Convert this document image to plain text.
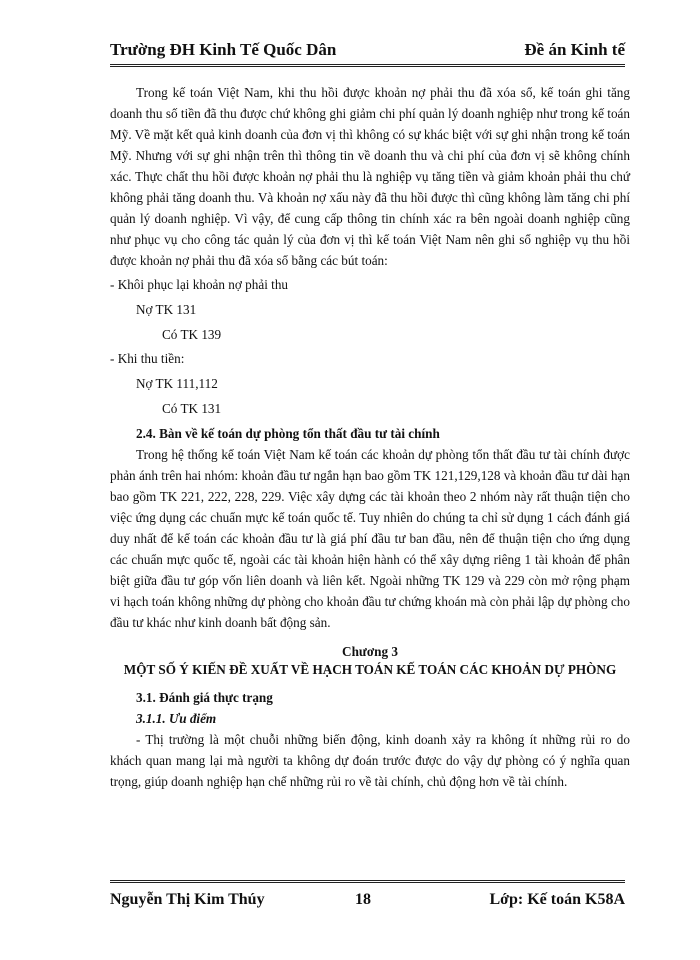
Trường ĐH Kinh Tế Quốc Dân	Đề án Kinh tế

Trong kế toán Việt Nam, khi thu hồi được khoản nợ phải thu đã xóa sổ, kế toán ghi tăng doanh thu số tiền đã thu được chứ không ghi giảm chi phí quản lý doanh nghiệp như trong kế toán Mỹ. Về mặt kết quả kinh doanh của đơn vị thì không có sự khác biệt với sự ghi nhận trong kế toán Mỹ. Nhưng với sự ghi nhận trên thì thông tin về doanh thu và chi phí của đơn vị sẽ không chính xác. Thực chất thu hồi được khoản nợ phải thu là nghiệp vụ tăng tiền và giảm khoản phải thu chứ không phải tăng doanh thu. Và khoản nợ xấu này đã thu hồi được thì cũng không làm tăng chi phí quản lý doanh nghiệp. Vì vậy, để cung cấp thông tin chính xác ra bên ngoài doanh nghiệp cũng như phục vụ cho công tác quản lý của đơn vị thì kế toán Việt Nam nên ghi sổ nghiệp vụ thu hồi được khoản nợ phải thu đã xóa sổ bằng các bút toán:

- Khôi phục lại khoản nợ phải thu

Nợ TK 131

Có TK 139

- Khi thu tiền:

Nợ TK 111,112

Có TK 131

2.4. Bàn về kế toán dự phòng tổn thất đầu tư tài chính

Trong hệ thống kế toán Việt Nam kế toán các khoản dự phòng tổn thất đầu tư tài chính được phản ánh trên hai nhóm: khoản đầu tư ngắn hạn bao gồm TK 121,129,128 và khoản đầu tư dài hạn bao gồm TK 221, 222, 228, 229. Việc xây dựng các tài khoản theo 2 nhóm này rất thuận tiện cho việc ứng dụng các chuẩn mực kế toán quốc tế. Tuy nhiên do chúng ta chỉ sử dụng 1 cách đánh giá duy nhất để kế toán các khoản đầu tư là giá phí đầu tư ban đầu, nên để thuận tiện cho ứng dụng các chuẩn mực quốc tế, ngoài các tài khoản hiện hành có thể xây dựng riêng 1 tài khoản để phân biệt giữa đầu tư góp vốn liên doanh và liên kết. Ngoài những TK 129 và 229 còn mở rộng phạm vi hạch toán không những dự phòng cho khoản đầu tư chứng khoán mà còn phải lập dự phòng cho đầu tư khác như kinh doanh bất động sản.

Chương 3

MỘT SỐ Ý KIẾN ĐỀ XUẤT VỀ HẠCH TOÁN KẾ TOÁN CÁC KHOẢN DỰ PHÒNG

3.1. Đánh giá thực trạng

3.1.1. Ưu điểm

- Thị trường là một chuỗi những biến động, kinh doanh xảy ra không ít những rủi ro do khách quan mang lại mà người ta không dự đoán trước được do vậy dự phòng có ý nghĩa quan trọng, giúp doanh nghiệp hạn chế những rủi ro về tài chính, chủ động hơn về tài chính.

Nguyễn Thị Kim Thúy	18	Lớp: Kế toán K58A
